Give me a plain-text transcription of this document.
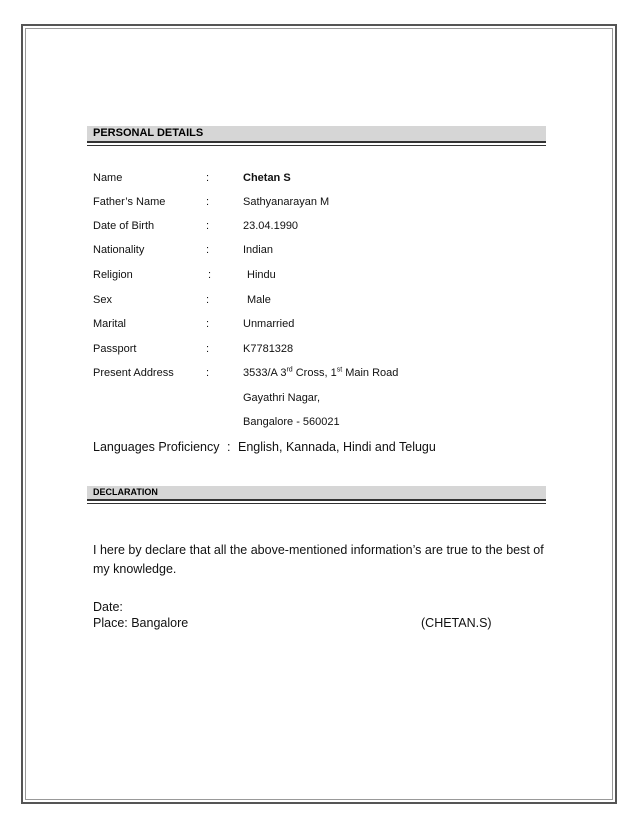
PERSONAL DETAILS
Name	:	Chetan S
Father’s Name	:	Sathyanarayan M
Date of Birth	:	23.04.1990
Nationality	:	Indian
Religion	:	Hindu
Sex	:	Male
Marital	:	Unmarried
Passport	:	K7781328
Present Address	:	3533/A 3rd Cross, 1st Main Road
Gayathri Nagar,
Bangalore - 560021
Languages Proficiency : English, Kannada, Hindi and Telugu
DECLARATION
I here by declare that all the above-mentioned information’s are true to the best of my knowledge.
Date:
Place: Bangalore	(CHETAN.S)
